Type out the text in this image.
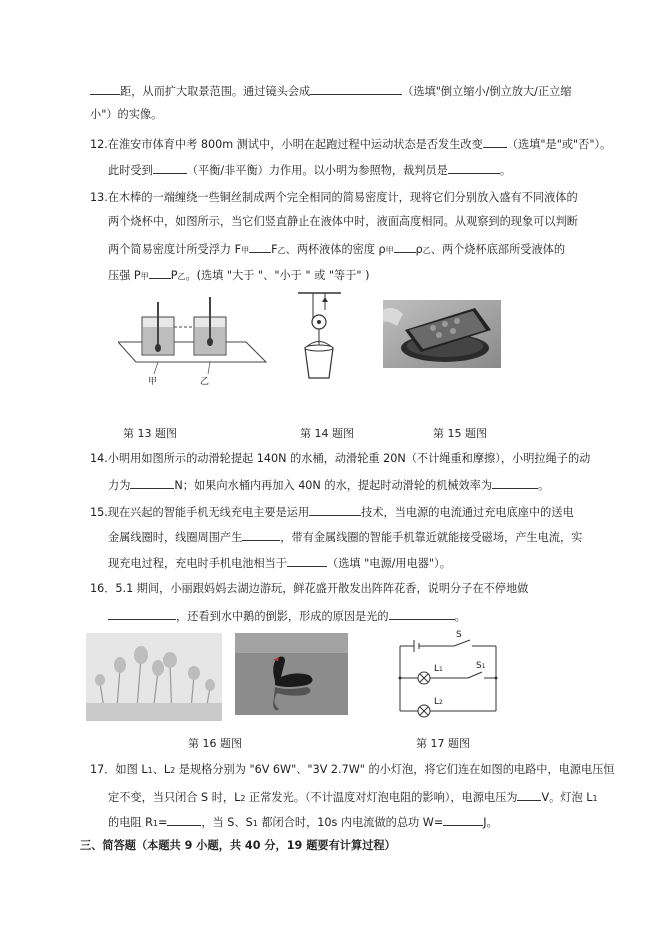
距，从而扩大取景范围。通过镜头会成	（选填"倒立缩小/倒立放大/正立缩
小"）的实像。
12.在淮安市体育中考 800m 测试中，小明在起跑过程中运动状态是否发生改变 （选填"是"或"否"）。
此时受到	（平衡/非平衡）力作用。以小明为参照物，裁判员是	。
13.在木棒的一端缠绕一些铜丝制成两个完全相同的简易密度计，现将它们分别放入盛有不同液体的
两个烧杯中，如图所示，当它们竖直静止在液体中时，液面高度相同。从观察到的现象可以判断
两个简易密度计所受浮力 F甲 F乙、两杯液体的密度 ρ甲 ρ乙、两个烧杯底部所受液体的
压强 P甲 P乙。(选填 "大于 "、"小于 " 或 "等于" )
甲	乙
第 13 题图	第 14 题图	第 15 题图
14.小明用如图所示的动滑轮提起 140N 的水桶，动滑轮重 20N（不计绳重和摩擦），小明拉绳子的动
力为	N；如果向水桶内再加入 40N 的水，提起时动滑轮的机械效率为	。
15.现在兴起的智能手机无线充电主要是运用	技术，当电源的电流通过充电底座中的送电
金属线圈时，线圈周围产生	，带有金属线圈的智能手机靠近就能接受磁场，产生电流，实
现充电过程，充电时手机电池相当于	（选填 "电源/用电器"）。
16．5.1 期间，小丽跟妈妈去湖边游玩，鲜花盛开散发出阵阵花香，说明分子在不停地做
，还看到水中鹅的倒影，形成的原因是光的	。
S
S1
L1
L2
第 16 题图	第 17 题图
17．如图 L1、L2 是规格分别为 "6V 6W"、"3V 2.7W" 的小灯泡，将它们连在如图的电路中，电源电压恒
定不变，当只闭合 S 时，L2 正常发光。（不计温度对灯泡电阻的影响），电源电压为 V。灯泡 L1
的电阻 R1=	，当 S、S1 都闭合时，10s 内电流做的总功 W=	J。
三、简答题（本题共 9 小题，共 40 分，19 题要有计算过程）
